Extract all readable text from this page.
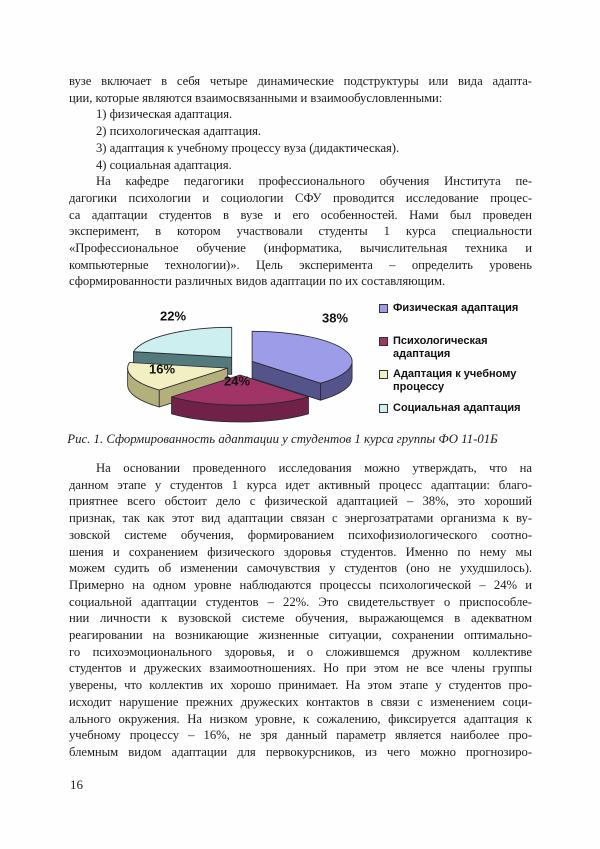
вузе включает в себя четыре динамические подструктуры или вида адапта-
ции, которые являются взаимосвязанными и взаимообусловленными:
1) физическая адаптация.
2) психологическая адаптация.
3) адаптация к учебному процессу вуза (дидактическая).
4) социальная адаптация.
На кафедре педагогики профессионального обучения Института пе-
дагогики психологии и социологии СФУ проводится исследование процес-
са адаптации студентов в вузе и его особенностей. Нами был проведен
эксперимент, в котором участвовали студенты 1 курса специальности
«Профессиональное обучение (информатика, вычислительная техника и
компьютерные технологии)». Цель эксперимента – определить уровень
сформированности различных видов адаптации по их составляющим.
38%
24%
16%
22%
Физическая адаптация
Психологическая адаптация
Адаптация к учебному процессу
Социальная адаптация
Рис. 1. Сформированность адаптации у студентов 1 курса группы ФО 11-01Б
На основании проведенного исследования можно утверждать, что на
данном этапе у студентов 1 курса идет активный процесс адаптации: благо-
приятнее всего обстоит дело с физической адаптацией – 38%, это хороший
признак, так как этот вид адаптации связан с энергозатратами организма к ву-
зовской системе обучения, формированием психофизиологического соотно-
шения и сохранением физического здоровья студентов. Именно по нему мы
можем судить об изменении самочувствия у студентов (оно не ухудшилось).
Примерно на одном уровне наблюдаются процессы психологической – 24% и
социальной адаптации студентов – 22%. Это свидетельствует о приспособле-
нии личности к вузовской системе обучения, выражающемся в адекватном
реагировании на возникающие жизненные ситуации, сохранении оптимально-
го психоэмоционального здоровья, и о сложившемся дружном коллективе
студентов и дружеских взаимоотношениях. Но при этом не все члены группы
уверены, что коллектив их хорошо принимает. На этом этапе у студентов про-
исходит нарушение прежних дружеских контактов в связи с изменением соци-
ального окружения. На низком уровне, к сожалению, фиксируется адаптация к
учебному процессу – 16%, не зря данный параметр является наиболее про-
блемным видом адаптации для первокурсников, из чего можно прогнозиро-
16
